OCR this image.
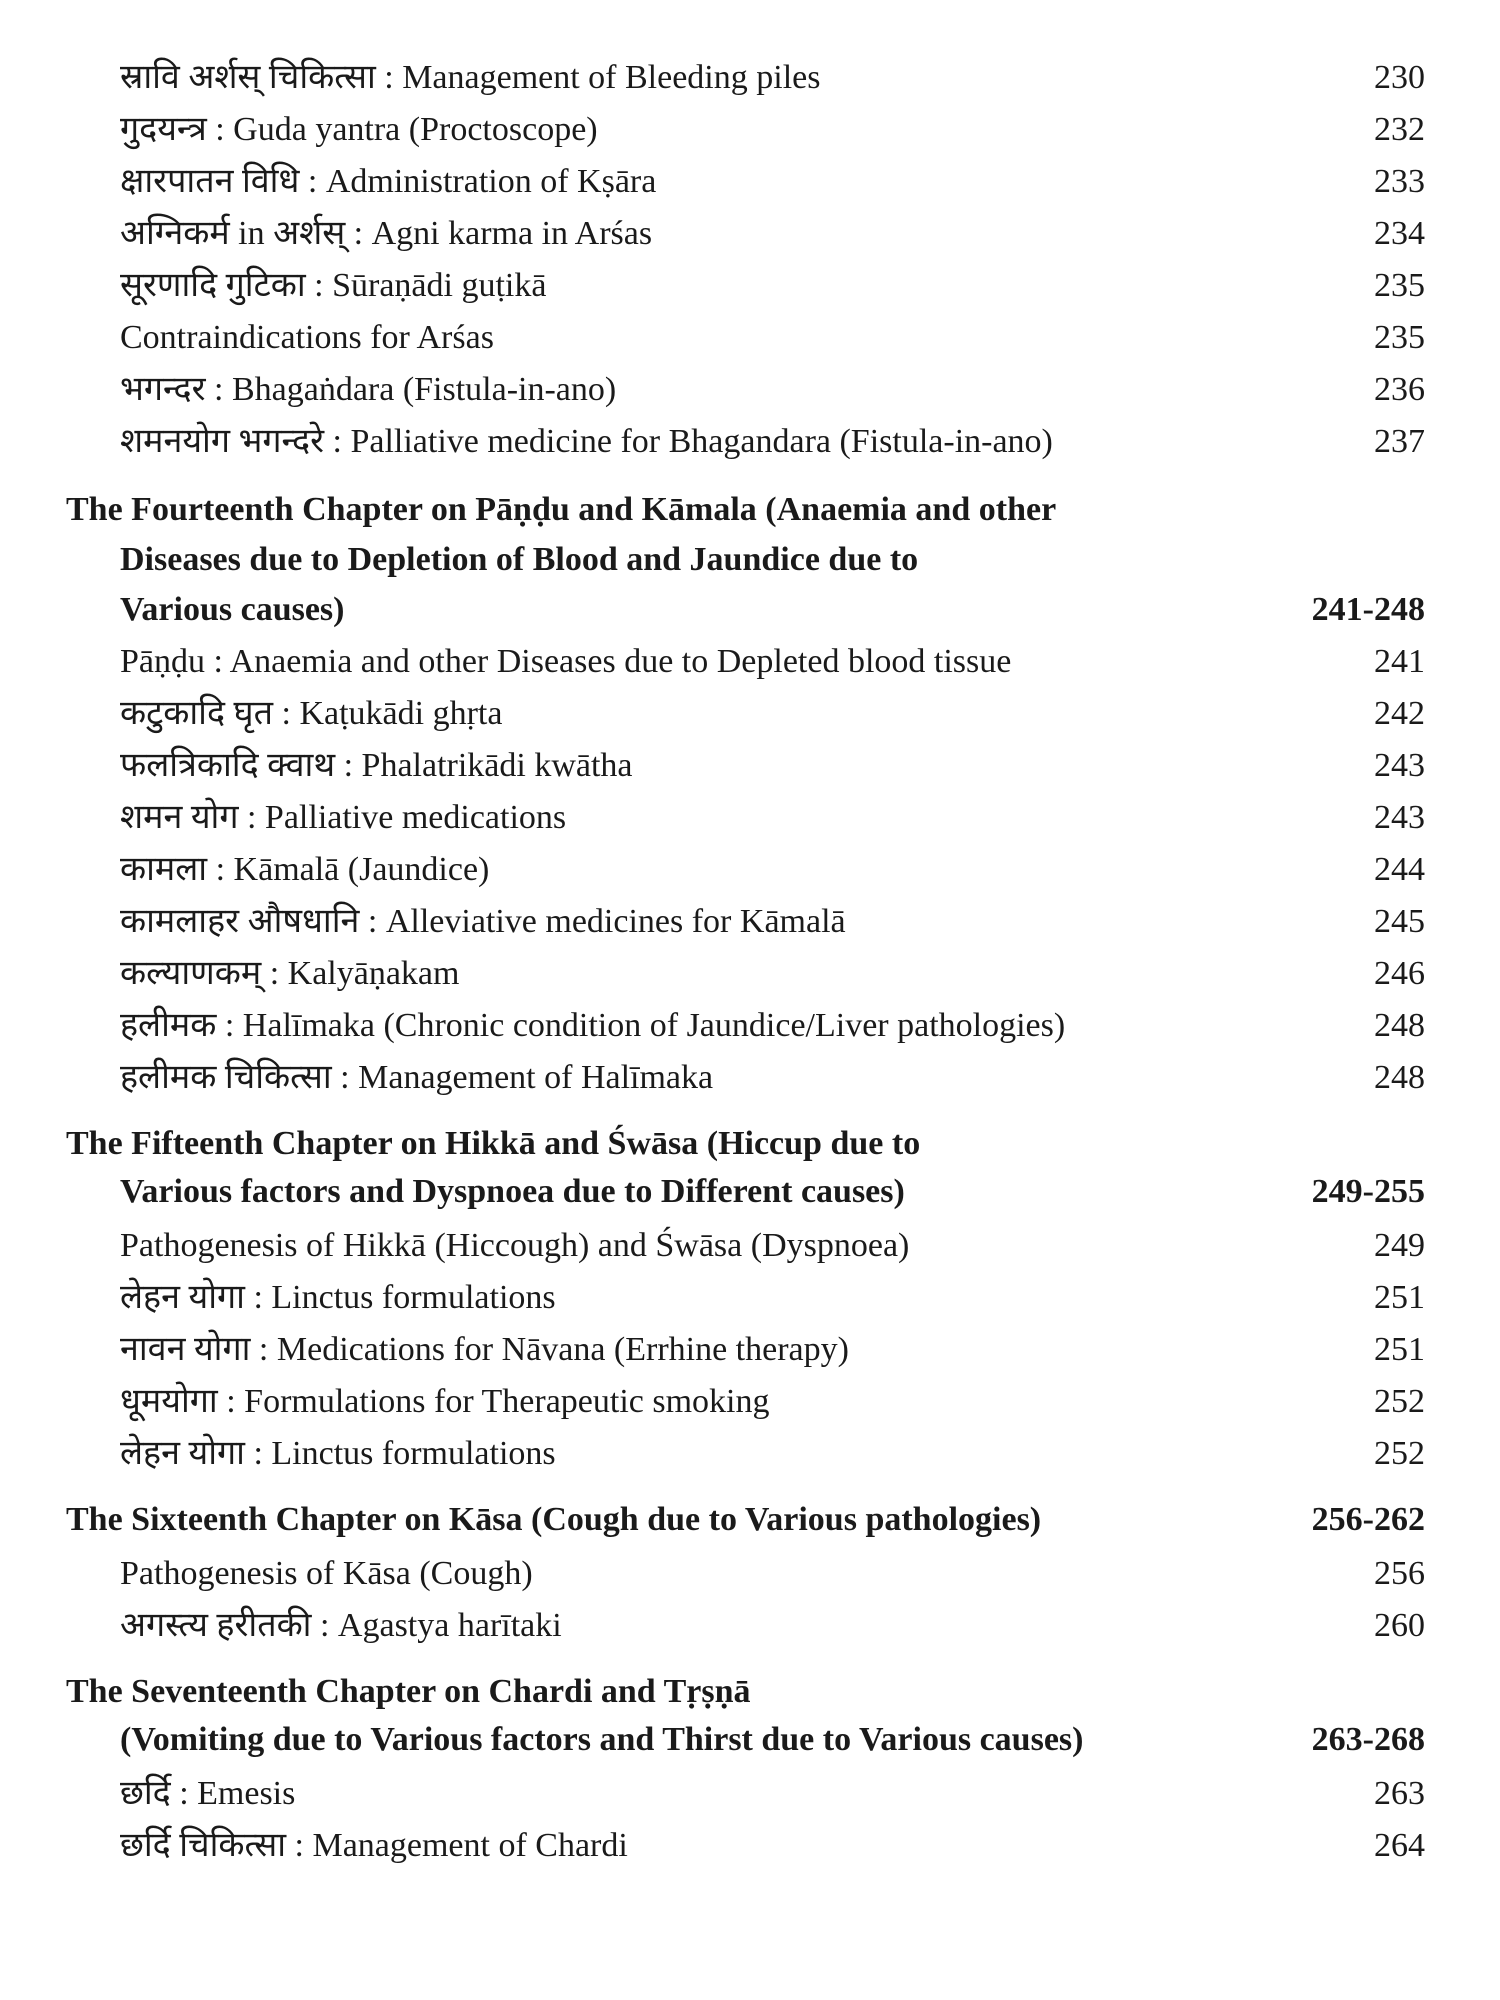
स्रावि अर्शस् चिकित्सा : Management of Bleeding piles	230
गुदयन्त्र : Guda yantra (Proctoscope)	232
क्षारपातन विधि : Administration of Kṣāra	233
अग्निकर्म in अर्शस् : Agni karma in Arśas	234
सूरणादि गुटिका : Sūraṇādi guṭikā	235
Contraindications for Arśas	235
भगन्दर : Bhagaṅdara (Fistula-in-ano)	236
शमनयोग भगन्दरे : Palliative medicine for Bhagandara (Fistula-in-ano)	237
The Fourteenth Chapter on Pāṇḍu and Kāmala (Anaemia and other
Diseases due to Depletion of Blood and Jaundice due to
Various causes)	241-248
Pāṇḍu : Anaemia and other Diseases due to Depleted blood tissue	241
कटुकादि घृत : Kaṭukādi ghṛta	242
फलत्रिकादि क्वाथ : Phalatrikādi kwātha	243
शमन योग : Palliative medications	243
कामला : Kāmalā (Jaundice)	244
कामलाहर औषधानि : Alleviative medicines for Kāmalā	245
कल्याणकम् : Kalyāṇakam	246
हलीमक : Halīmaka (Chronic condition of Jaundice/Liver pathologies)	248
हलीमक चिकित्सा : Management of Halīmaka	248
The Fifteenth Chapter on Hikkā and Śwāsa (Hiccup due to
Various factors and Dyspnoea due to Different causes)	249-255
Pathogenesis of Hikkā (Hiccough) and Śwāsa (Dyspnoea)	249
लेहन योगा : Linctus formulations	251
नावन योगा : Medications for Nāvana (Errhine therapy)	251
धूमयोगा : Formulations for Therapeutic smoking	252
लेहन योगा : Linctus formulations	252
The Sixteenth Chapter on Kāsa (Cough due to Various pathologies)	256-262
Pathogenesis of Kāsa (Cough)	256
अगस्त्य हरीतकी : Agastya harītaki	260
The Seventeenth Chapter on Chardi and Tṛṣṇā
(Vomiting due to Various factors and Thirst due to Various causes)	263-268
छर्दि : Emesis	263
छर्दि चिकित्सा : Management of Chardi	264
